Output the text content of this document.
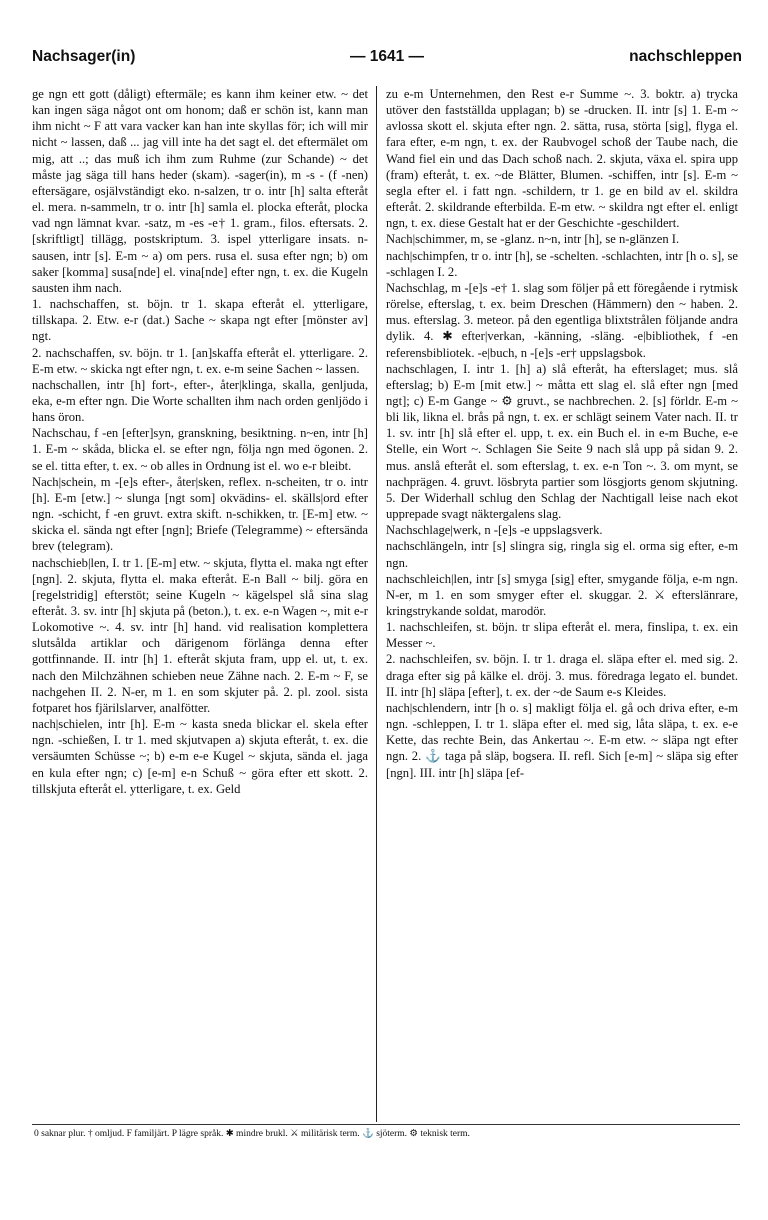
Nachsager(in)	— 1641 —	nachschleppen

ge ngn ett gott (dåligt) eftermäle; es kann ihm keiner etw. ~ det kan ingen säga något ont om honom; daß er schön ist, kann man ihm nicht ~ F att vara vacker kan han inte skyllas för; ich will mir nicht ~ lassen, daß ... jag vill inte ha det sagt el. det eftermälet om mig, att ..; das muß ich ihm zum Ruhme (zur Schande) ~ det måste jag säga till hans heder (skam). -sager(in), m -s - (f -nen) eftersägare, osjälvständigt eko. n-salzen, tr o. intr [h] salta efteråt el. mera. n-sammeln, tr o. intr [h] samla el. plocka efteråt, plocka vad ngn lämnat kvar. -satz, m -es -e† 1. gram., filos. eftersats. 2. [skriftligt] tillägg, postskriptum. 3. ispel ytterligare insats. n-sausen, intr [s]. E-m ~ a) om pers. rusa el. susa efter ngn; b) om saker [komma] susa[nde] el. vina[nde] efter ngn, t. ex. die Kugeln sausten ihm nach.

1. nachschaffen, st. böjn. tr 1. skapa efteråt el. ytterligare, tillskapa. 2. Etw. e-r (dat.) Sache ~ skapa ngt efter [mönster av] ngt.

2. nachschaffen, sv. böjn. tr 1. [an]skaffa efteråt el. ytterligare. 2. E-m etw. ~ skicka ngt efter ngn, t. ex. e-m seine Sachen ~ lassen.

nachschallen, intr [h] fort-, efter-, åter|klinga, skalla, genljuda, eka, e-m efter ngn. Die Worte schallten ihm nach orden genljödo i hans öron.

Nachschau, f -en [efter]syn, granskning, besiktning. n~en, intr [h] 1. E-m ~ skåda, blicka el. se efter ngn, följa ngn med ögonen. 2. se el. titta efter, t. ex. ~ ob alles in Ordnung ist el. wo e-r bleibt.

Nach|schein, m -[e]s efter-, åter|sken, reflex. n-scheiten, tr o. intr [h]. E-m [etw.] ~ slunga [ngt som] okvädins- el. skälls|ord efter ngn. -schicht, f -en gruvt. extra skift. n-schikken, tr. [E-m] etw. ~ skicka el. sända ngt efter [ngn]; Briefe (Telegramme) ~ eftersända brev (telegram).

nachschieb|len, I. tr 1. [E-m] etw. ~ skjuta, flytta el. maka ngt efter [ngn]. 2. skjuta, flytta el. maka efteråt. E-n Ball ~ bilj. göra en [regelstridig] efterstöt; seine Kugeln ~ kägelspel slå sina slag efteråt. 3. sv. intr [h] skjuta på (beton.), t. ex. e-n Wagen ~, mit e-r Lokomotive ~. 4. sv. intr [h] hand. vid realisation komplettera slutsålda artiklar och därigenom förlänga denna efter gottfinnande. II. intr [h] 1. efteråt skjuta fram, upp el. ut, t. ex. nach den Milchzähnen schieben neue Zähne nach. 2. E-m ~ F, se nachgehen II. 2. N-er, m 1. en som skjuter på. 2. pl. zool. sista fotparet hos fjärilslarver, analfötter.

nach|schielen, intr [h]. E-m ~ kasta sneda blickar el. skela efter ngn. -schießen, I. tr 1. med skjutvapen a) skjuta efteråt, t. ex. die versäumten Schüsse ~; b) e-m e-e Kugel ~ skjuta, sända el. jaga en kula efter ngn; c) [e-m] e-n Schuß ~ göra efter ett skott. 2. tillskjuta efteråt el. ytterligare, t. ex. Geld

zu e-m Unternehmen, den Rest e-r Summe ~. 3. boktr. a) trycka utöver den fastställda upplagan; b) se -drucken. II. intr [s] 1. E-m ~ avlossa skott el. skjuta efter ngn. 2. sätta, rusa, störta [sig], flyga el. fara efter, e-m ngn, t. ex. der Raubvogel schoß der Taube nach, die Wand fiel ein und das Dach schoß nach. 2. skjuta, växa el. spira upp (fram) efteråt, t. ex. ~de Blätter, Blumen. -schiffen, intr [s]. E-m ~ segla efter el. i fatt ngn. -schildern, tr 1. ge en bild av el. skildra efteråt. 2. skildrande efterbilda. E-m etw. ~ skildra ngt efter el. enligt ngn, t. ex. diese Gestalt hat er der Geschichte -geschildert.

Nach|schimmer, m, se -glanz. n~n, intr [h], se n-glänzen I.

nach|schimpfen, tr o. intr [h], se -schelten. -schlachten, intr [h o. s], se -schlagen I. 2.

Nachschlag, m -[e]s -e† 1. slag som följer på ett föregående i rytmisk rörelse, efterslag, t. ex. beim Dreschen (Hämmern) den ~ haben. 2. mus. efterslag. 3. meteor. på den egentliga blixtstrålen följande andra dylik. 4. ✱ efter|verkan, -känning, -släng. -e|bibliothek, f -en referensbibliotek. -e|buch, n -[e]s -er† uppslagsbok.

nachschlagen, I. intr 1. [h] a) slå efteråt, ha efterslaget; mus. slå efterslag; b) E-m [mit etw.] ~ måtta ett slag el. slå efter ngn [med ngt]; c) E-m Gange ~ ⚙ gruvt., se nachbrechen. 2. [s] förldr. E-m ~ bli lik, likna el. brås på ngn, t. ex. er schlägt seinem Vater nach. II. tr 1. sv. intr [h] slå efter el. upp, t. ex. ein Buch el. in e-m Buche, e-e Stelle, ein Wort ~. Schlagen Sie Seite 9 nach slå upp på sidan 9. 2. mus. anslå efteråt el. som efterslag, t. ex. e-n Ton ~. 3. om mynt, se nachprägen. 4. gruvt. lösbryta partier som lösgjorts genom skjutning. 5. Der Widerhall schlug den Schlag der Nachtigall leise nach ekot upprepade svagt näktergalens slag.

Nachschlage|werk, n -[e]s -e uppslagsverk.

nachschlängeln, intr [s] slingra sig, ringla sig el. orma sig efter, e-m ngn.

nachschleich|len, intr [s] smyga [sig] efter, smygande följa, e-m ngn. N-er, m 1. en som smyger efter el. skuggar. 2. ⚔ efterslänrare, kringstrykande soldat, marodör.

1. nachschleifen, st. böjn. tr slipa efteråt el. mera, finslipa, t. ex. ein Messer ~.

2. nachschleifen, sv. böjn. I. tr 1. draga el. släpa efter el. med sig. 2. draga efter sig på kälke el. dröj. 3. mus. föredraga legato el. bundet. II. intr [h] släpa [efter], t. ex. der ~de Saum e-s Kleides.

nach|schlendern, intr [h o. s] makligt följa el. gå och driva efter, e-m ngn. -schleppen, I. tr 1. släpa efter el. med sig, låta släpa, t. ex. e-e Kette, das rechte Bein, das Ankertau ~. E-m etw. ~ släpa ngt efter ngn. 2. ⚓ taga på släp, bogsera. II. refl. Sich [e-m] ~ släpa sig efter [ngn]. III. intr [h] släpa [ef-

0 saknar plur. † omljud. F familjärt. P lägre språk. ✱ mindre brukl. ⚔ militärisk term. ⚓ sjöterm. ⚙ teknisk term.
